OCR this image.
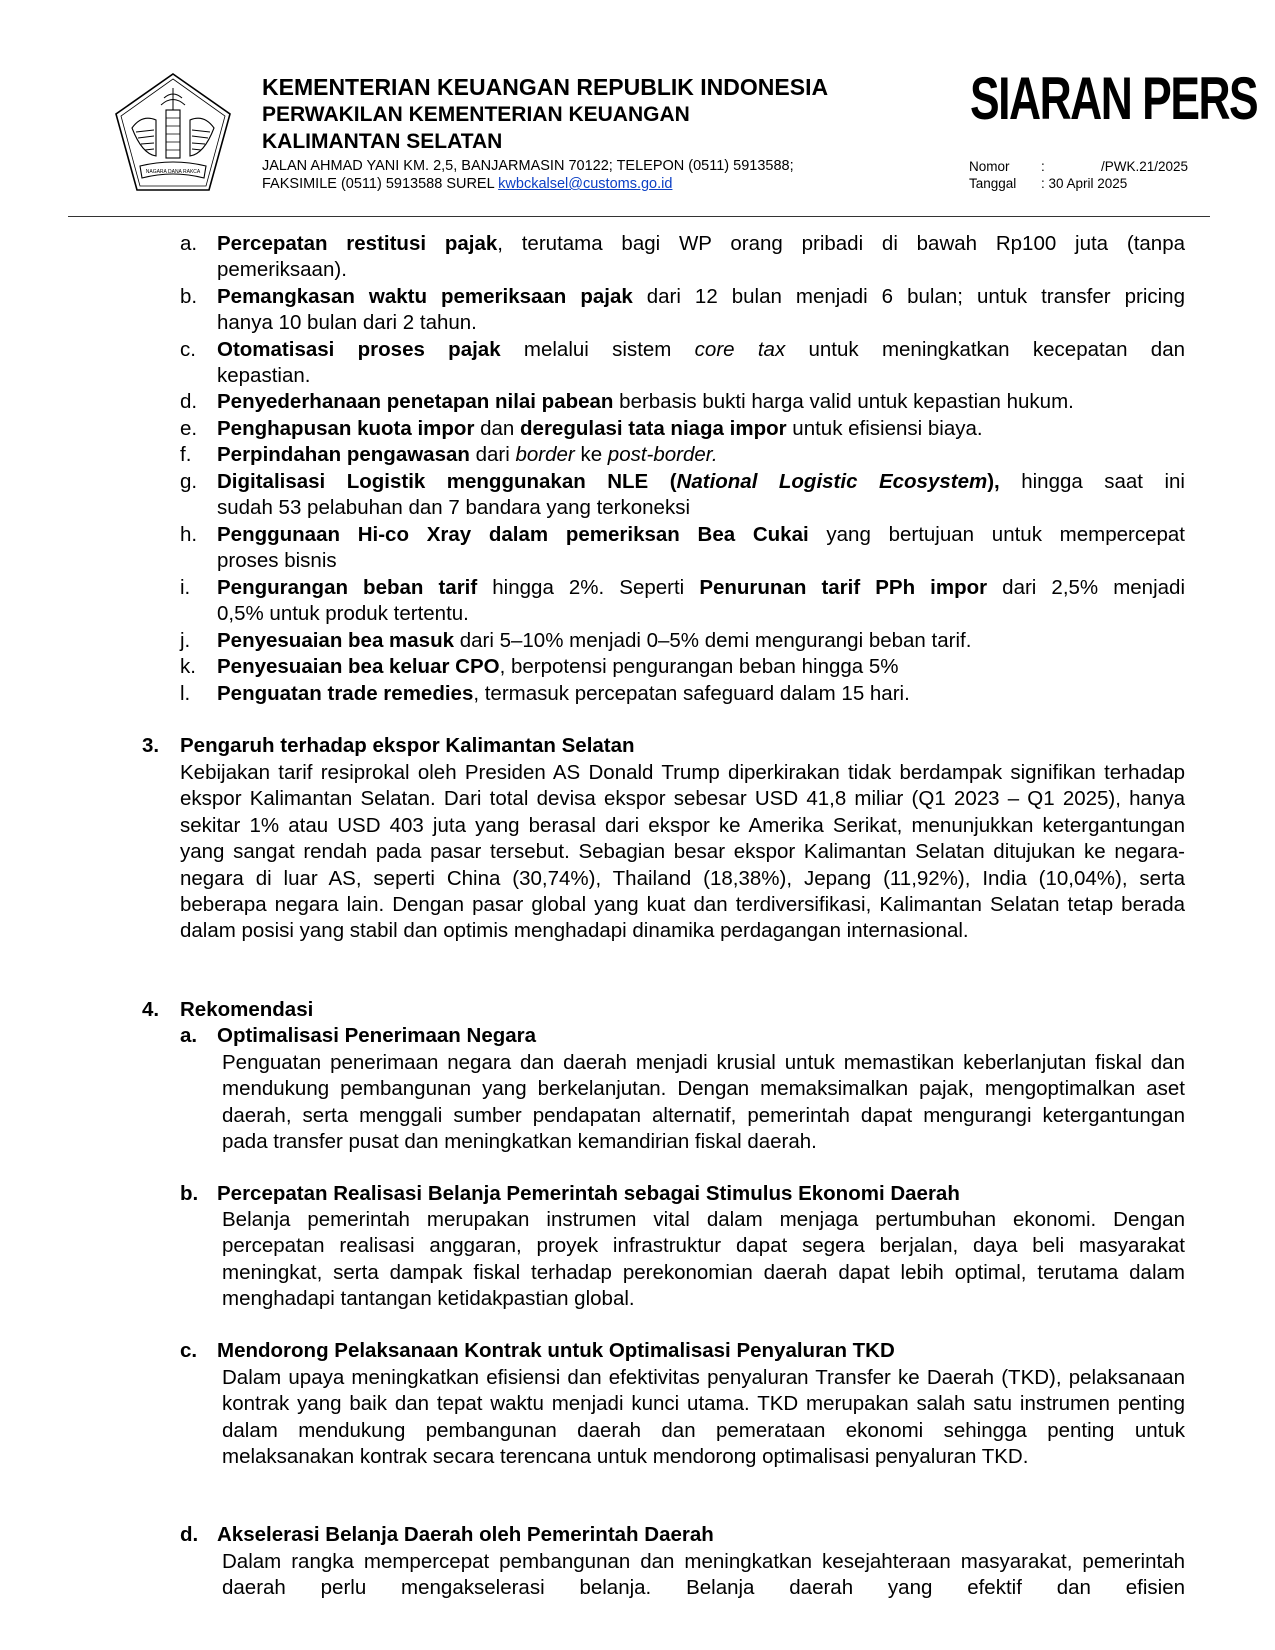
NAGARA DANA RAKCA
KEMENTERIAN KEUANGAN REPUBLIK INDONESIA
PERWAKILAN KEMENTERIAN KEUANGAN
KALIMANTAN SELATAN
JALAN AHMAD YANI KM. 2,5, BANJARMASIN 70122; TELEPON (0511) 5913588;
FAKSIMILE (0511) 5913588 SUREL kwbckalsel@customs.go.id
SIARAN PERS
Nomor :	/PWK.21/2025
Tanggal : 30 April 2025
a. Percepatan restitusi pajak, terutama bagi WP orang pribadi di bawah Rp100 juta (tanpa
pemeriksaan).
b. Pemangkasan waktu pemeriksaan pajak dari 12 bulan menjadi 6 bulan; untuk transfer pricing
hanya 10 bulan dari 2 tahun.
c. Otomatisasi proses pajak melalui sistem core tax untuk meningkatkan kecepatan dan
kepastian.
d. Penyederhanaan penetapan nilai pabean berbasis bukti harga valid untuk kepastian hukum.
e. Penghapusan kuota impor dan deregulasi tata niaga impor untuk efisiensi biaya.
f. Perpindahan pengawasan dari border ke post-border.
g. Digitalisasi Logistik menggunakan NLE (National Logistic Ecosystem), hingga saat ini
sudah 53 pelabuhan dan 7 bandara yang terkoneksi
h. Penggunaan Hi-co Xray dalam pemeriksan Bea Cukai yang bertujuan untuk mempercepat
proses bisnis
i. Pengurangan beban tarif hingga 2%. Seperti Penurunan tarif PPh impor dari 2,5% menjadi
0,5% untuk produk tertentu.
j. Penyesuaian bea masuk dari 5–10% menjadi 0–5% demi mengurangi beban tarif.
k. Penyesuaian bea keluar CPO, berpotensi pengurangan beban hingga 5%
l. Penguatan trade remedies, termasuk percepatan safeguard dalam 15 hari.
3. Pengaruh terhadap ekspor Kalimantan Selatan
Kebijakan tarif resiprokal oleh Presiden AS Donald Trump diperkirakan tidak berdampak signifikan terhadap ekspor Kalimantan Selatan. Dari total devisa ekspor sebesar USD 41,8 miliar (Q1 2023 – Q1 2025), hanya sekitar 1% atau USD 403 juta yang berasal dari ekspor ke Amerika Serikat, menunjukkan ketergantungan yang sangat rendah pada pasar tersebut. Sebagian besar ekspor Kalimantan Selatan ditujukan ke negara-negara di luar AS, seperti China (30,74%), Thailand (18,38%), Jepang (11,92%), India (10,04%), serta beberapa negara lain. Dengan pasar global yang kuat dan terdiversifikasi, Kalimantan Selatan tetap berada dalam posisi yang stabil dan optimis menghadapi dinamika perdagangan internasional.
4. Rekomendasi
a. Optimalisasi Penerimaan Negara
Penguatan penerimaan negara dan daerah menjadi krusial untuk memastikan keberlanjutan fiskal dan mendukung pembangunan yang berkelanjutan. Dengan memaksimalkan pajak, mengoptimalkan aset daerah, serta menggali sumber pendapatan alternatif, pemerintah dapat mengurangi ketergantungan pada transfer pusat dan meningkatkan kemandirian fiskal daerah.
b. Percepatan Realisasi Belanja Pemerintah sebagai Stimulus Ekonomi Daerah
Belanja pemerintah merupakan instrumen vital dalam menjaga pertumbuhan ekonomi. Dengan percepatan realisasi anggaran, proyek infrastruktur dapat segera berjalan, daya beli masyarakat meningkat, serta dampak fiskal terhadap perekonomian daerah dapat lebih optimal, terutama dalam menghadapi tantangan ketidakpastian global.
c. Mendorong Pelaksanaan Kontrak untuk Optimalisasi Penyaluran TKD
Dalam upaya meningkatkan efisiensi dan efektivitas penyaluran Transfer ke Daerah (TKD), pelaksanaan kontrak yang baik dan tepat waktu menjadi kunci utama. TKD merupakan salah satu instrumen penting dalam mendukung pembangunan daerah dan pemerataan ekonomi sehingga penting untuk melaksanakan kontrak secara terencana untuk mendorong optimalisasi penyaluran TKD.
d. Akselerasi Belanja Daerah oleh Pemerintah Daerah
Dalam rangka mempercepat pembangunan dan meningkatkan kesejahteraan masyarakat, pemerintah daerah perlu mengakselerasi belanja. Belanja daerah yang efektif dan efisien
